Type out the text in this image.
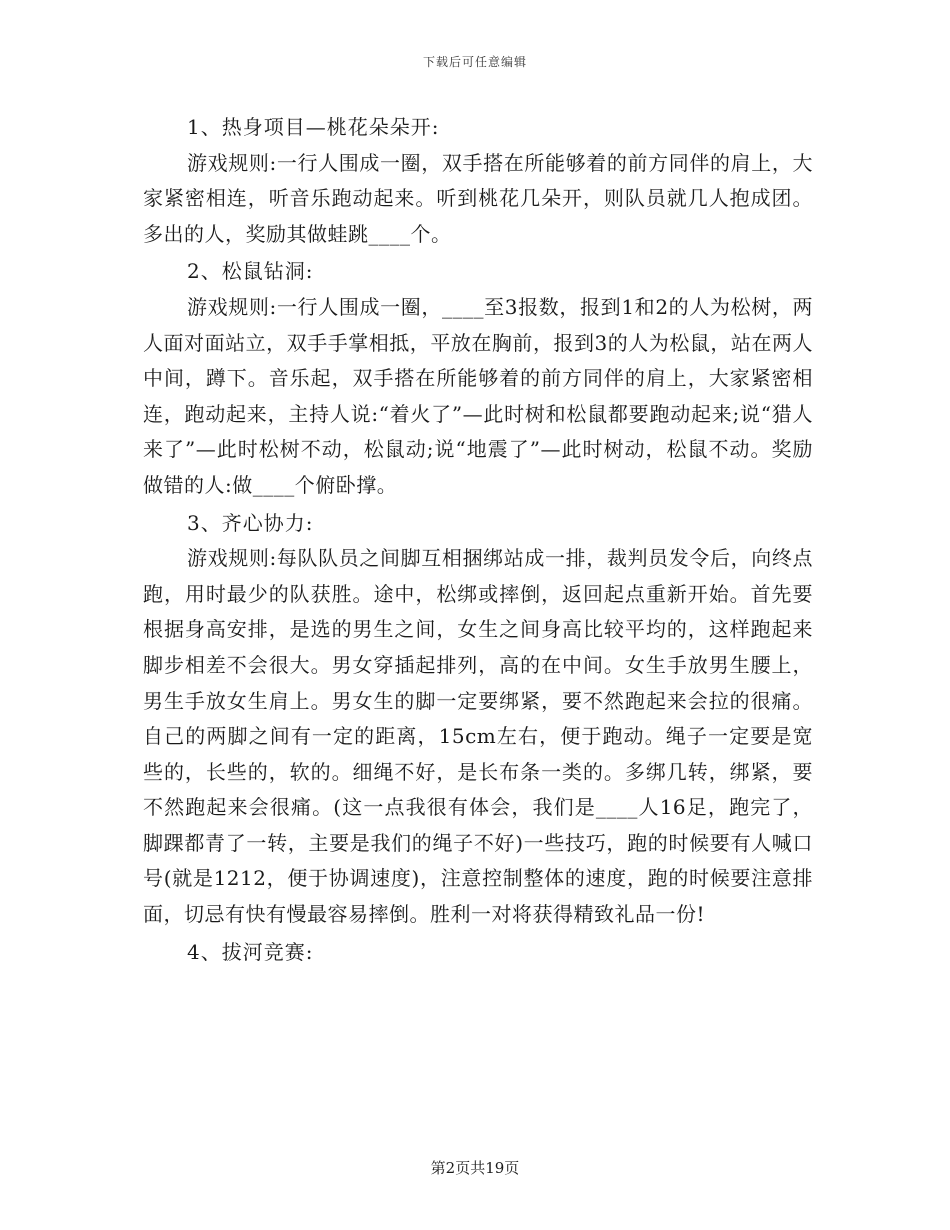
下载后可任意编辑

1、热身项目—桃花朵朵开:

游戏规则:一行人围成一圈，双手搭在所能够着的前方同伴的肩上，大家紧密相连，听音乐跑动起来。听到桃花几朵开，则队员就几人抱成团。多出的人，奖励其做蛙跳____个。

2、松鼠钻洞:

游戏规则:一行人围成一圈，____至3报数，报到1和2的人为松树，两人面对面站立，双手手掌相抵，平放在胸前，报到3的人为松鼠，站在两人中间，蹲下。音乐起，双手搭在所能够着的前方同伴的肩上，大家紧密相连，跑动起来，主持人说:“着火了”—此时树和松鼠都要跑动起来;说“猎人来了”—此时松树不动，松鼠动;说“地震了”—此时树动，松鼠不动。奖励做错的人:做____个俯卧撑。

3、齐心协力:

游戏规则:每队队员之间脚互相捆绑站成一排，裁判员发令后，向终点跑，用时最少的队获胜。途中，松绑或摔倒，返回起点重新开始。首先要根据身高安排，是选的男生之间，女生之间身高比较平均的，这样跑起来脚步相差不会很大。男女穿插起排列，高的在中间。女生手放男生腰上，男生手放女生肩上。男女生的脚一定要绑紧，要不然跑起来会拉的很痛。自己的两脚之间有一定的距离，15cm左右，便于跑动。绳子一定要是宽些的，长些的，软的。细绳不好，是长布条一类的。多绑几转，绑紧，要不然跑起来会很痛。(这一点我很有体会，我们是____人16足，跑完了，脚踝都青了一转，主要是我们的绳子不好)一些技巧，跑的时候要有人喊口号(就是1212，便于协调速度)，注意控制整体的速度，跑的时候要注意排面，切忌有快有慢最容易摔倒。胜利一对将获得精致礼品一份!

4、拔河竞赛:

第2页共19页
